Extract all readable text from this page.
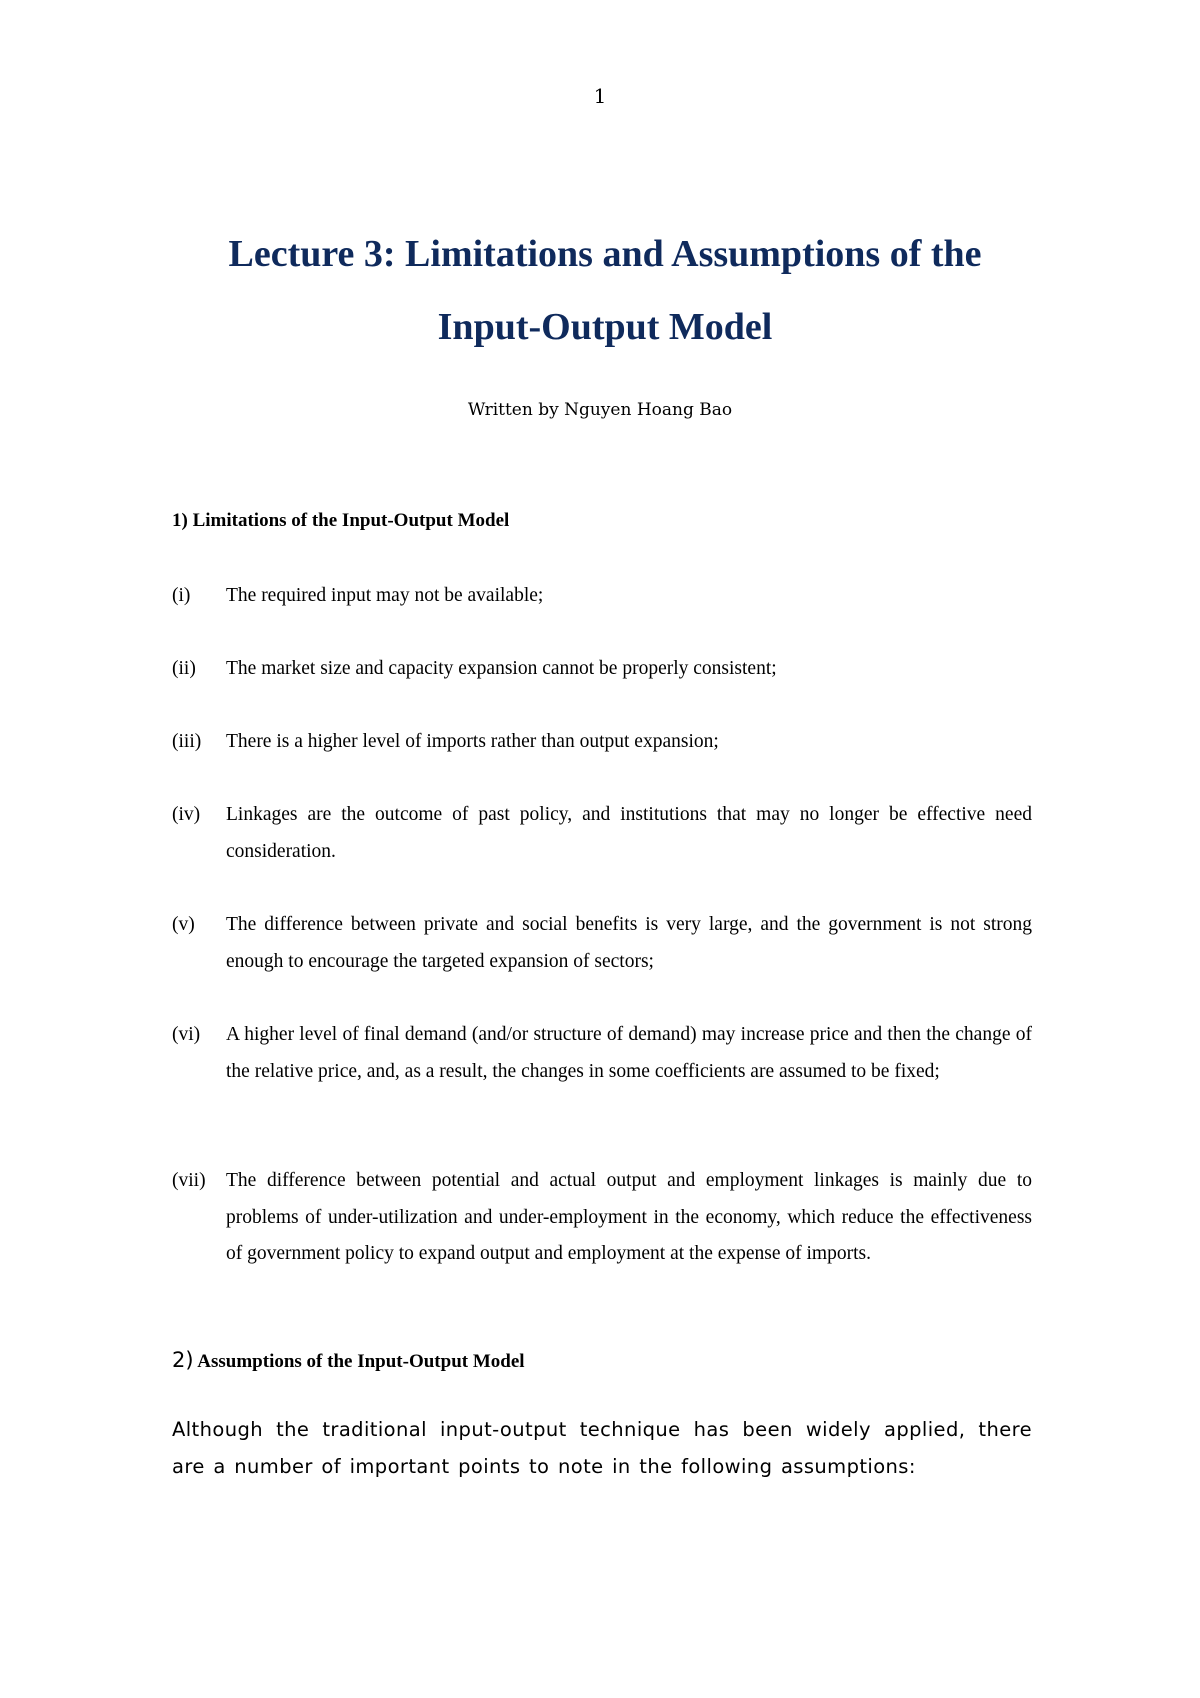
1
Lecture 3: Limitations and Assumptions of the
Input-Output Model
Written by Nguyen Hoang Bao
1) Limitations of the Input-Output Model
(i)	The required input may not be available;
(ii)	The market size and capacity expansion cannot be properly consistent;
(iii)	There is a higher level of imports rather than output expansion;
(iv)	Linkages are the outcome of past policy, and institutions that may no longer be effective need consideration.
(v)	The difference between private and social benefits is very large, and the government is not strong enough to encourage the targeted expansion of sectors;
(vi)	A higher level of final demand (and/or structure of demand) may increase price and then the change of the relative price, and, as a result, the changes in some coefficients are assumed to be fixed;
(vii)	The difference between potential and actual output and employment linkages is mainly due to problems of under-utilization and under-employment in the economy, which reduce the effectiveness of government policy to expand output and employment at the expense of imports.
2) Assumptions of the Input-Output Model

Although the traditional input-output technique has been widely applied, there are a number of important points to note in the following assumptions:
